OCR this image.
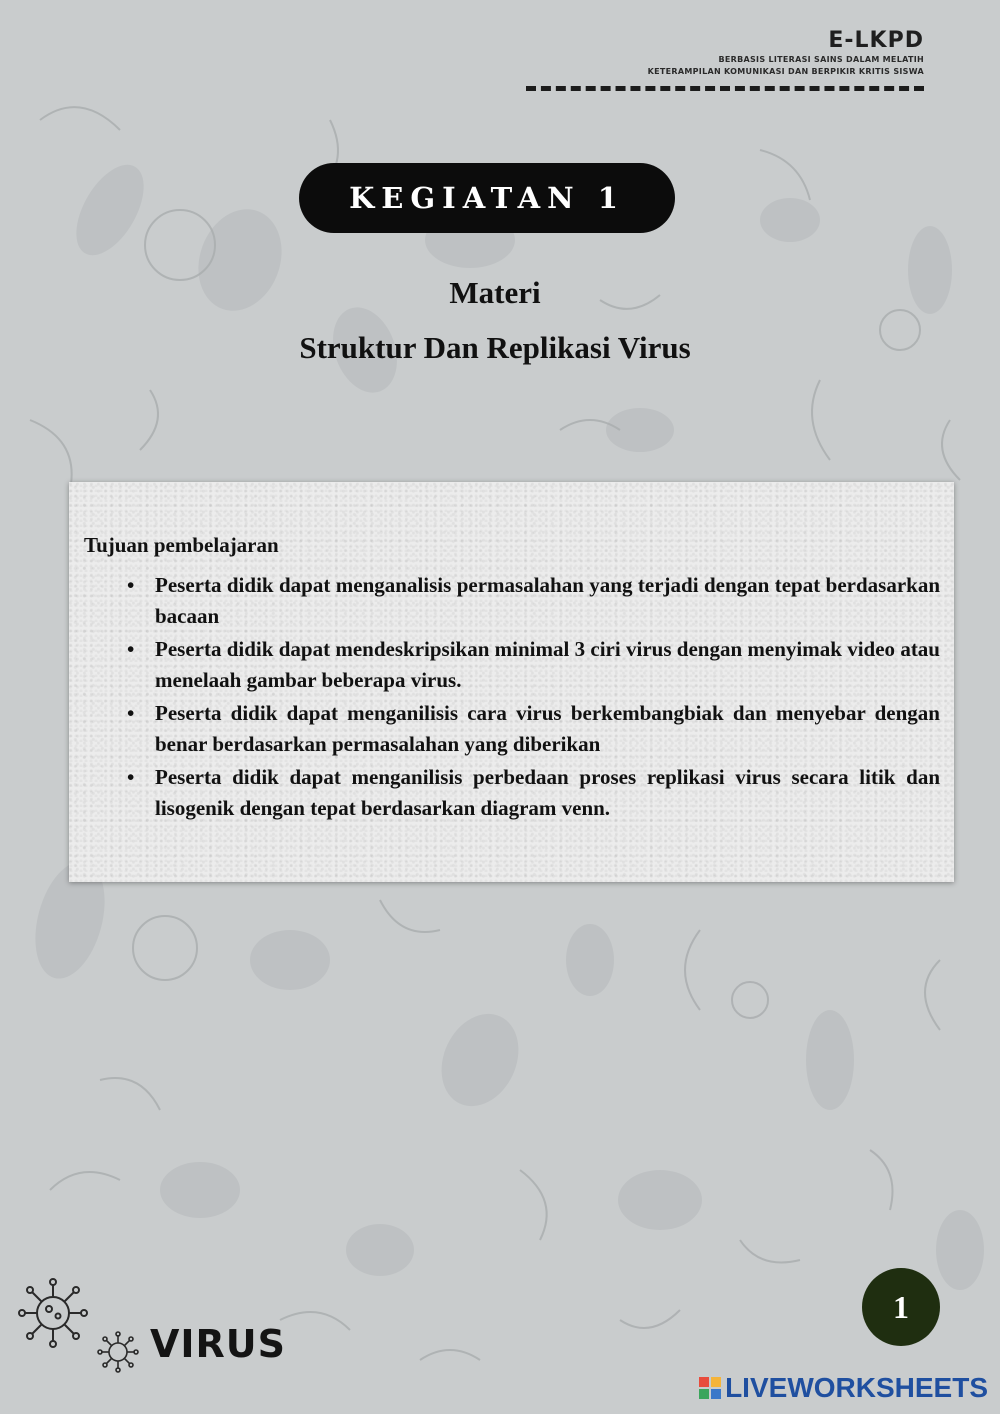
E-LKPD
BERBASIS LITERASI SAINS DALAM MELATIH
KETERAMPILAN KOMUNIKASI DAN BERPIKIR KRITIS SISWA
KEGIATAN 1
Materi
Struktur Dan Replikasi Virus

Tujuan pembelajaran

• Peserta didik dapat menganalisis permasalahan yang terjadi dengan tepat berdasarkan bacaan
• Peserta didik dapat mendeskripsikan minimal 3 ciri virus dengan menyimak video atau menelaah gambar beberapa virus.
• Peserta didik dapat menganilisis cara virus berkembangbiak dan menyebar dengan benar berdasarkan permasalahan yang diberikan
• Peserta didik dapat menganilisis perbedaan proses replikasi virus secara litik dan lisogenik dengan tepat berdasarkan diagram venn.
VIRUS
1
LIVEWORKSHEETS
